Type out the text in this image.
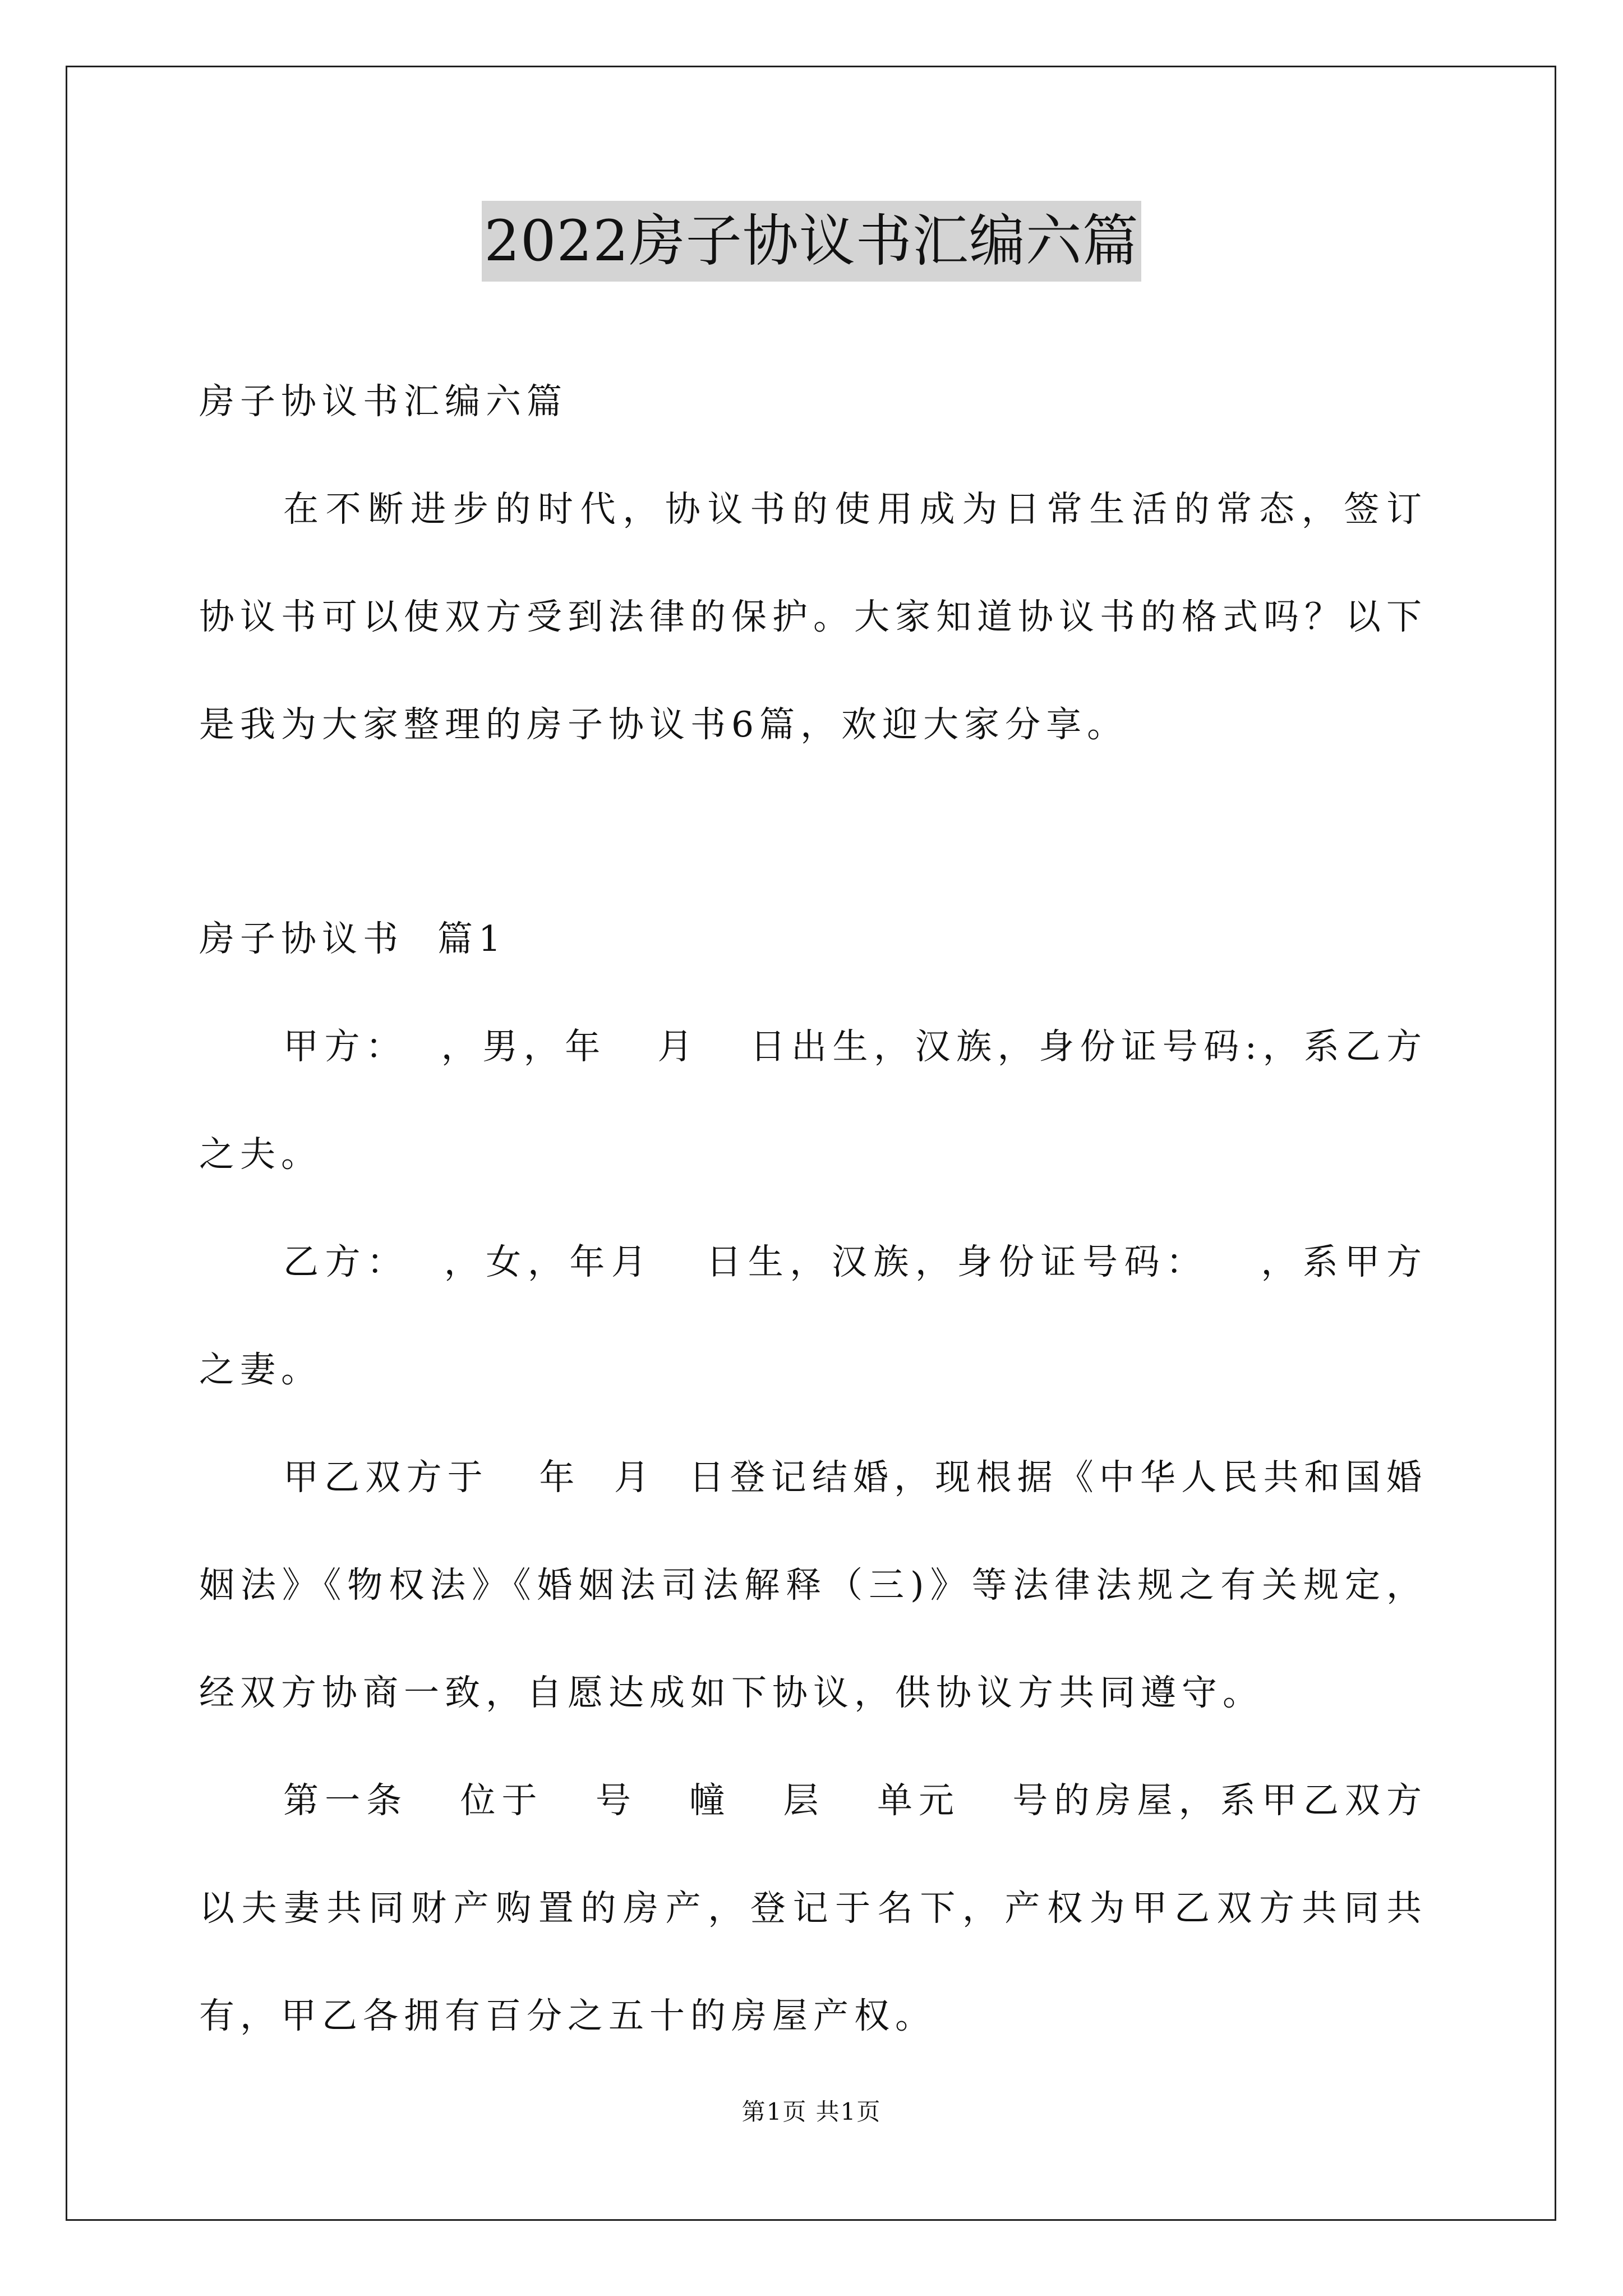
2022房子协议书汇编六篇

房子协议书汇编六篇

在不断进步的时代，协议书的使用成为日常生活的常态，签订协议书可以使双方受到法律的保护。大家知道协议书的格式吗？以下是我为大家整理的房子协议书6篇，欢迎大家分享。

房子协议书  篇1

甲方：  ，男，年   月   日出生，汉族，身份证号码:，系乙方之夫。

乙方：  ，女，年月   日生，汉族，身份证号码：   ，系甲方   之妻。

甲乙双方于   年  月  日登记结婚，现根据《中华人民共和国婚姻法》《物权法》《婚姻法司法解释（三)》等法律法规之有关规定，经双方协商一致，自愿达成如下协议，供协议方共同遵守。

第一条   位于   号   幢   层   单元   号的房屋，系甲乙双方以夫妻共同财产购置的房产，登记于名下，产权为甲乙双方共同共有，甲乙各拥有百分之五十的房屋产权。

第1页 共1页
